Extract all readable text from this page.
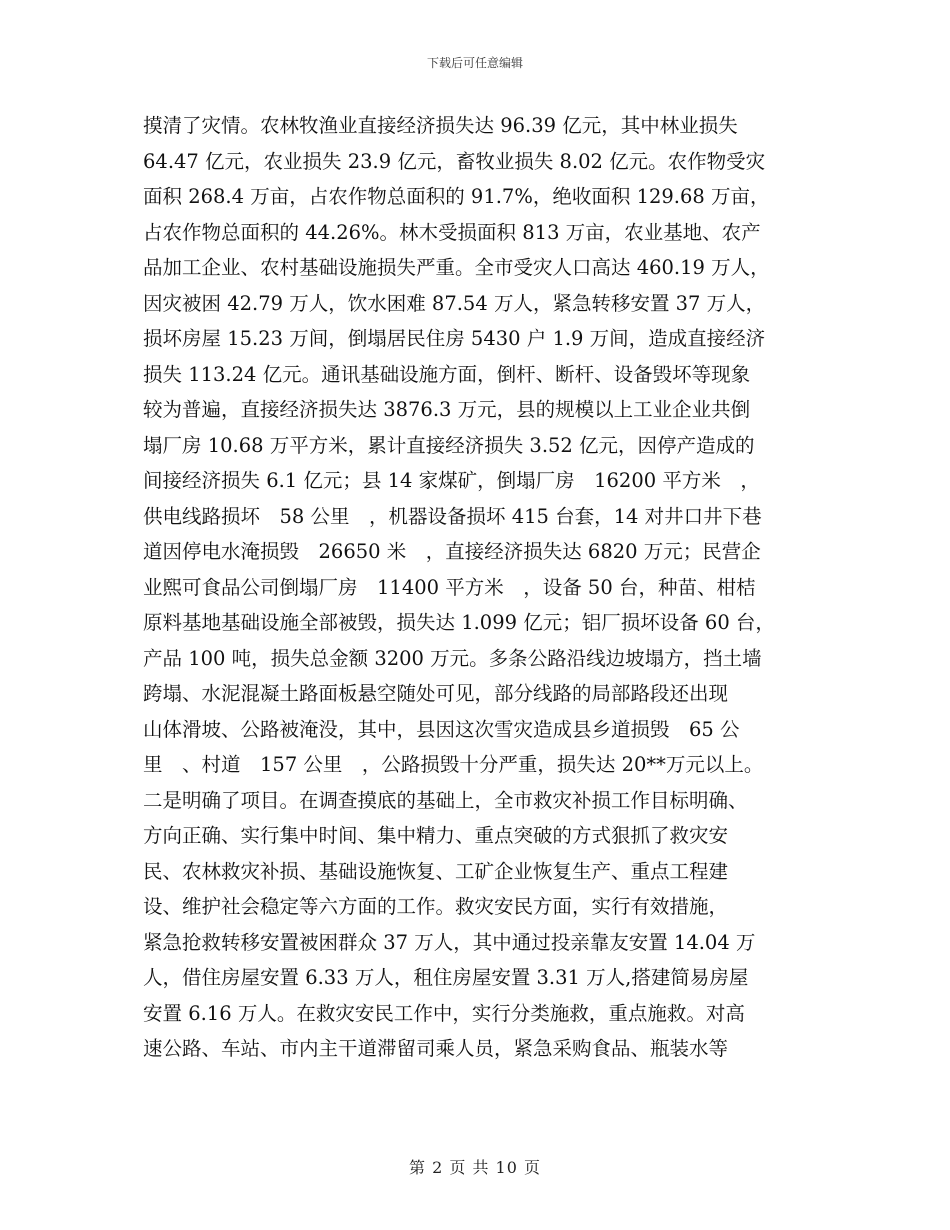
下载后可任意编辑
摸清了灾情。农林牧渔业直接经济损失达 96.39 亿元，其中林业损失
64.47 亿元，农业损失 23.9 亿元，畜牧业损失 8.02 亿元。农作物受灾
面积 268.4 万亩，占农作物总面积的 91.7%，绝收面积 129.68 万亩，
占农作物总面积的 44.26%。林木受损面积 813 万亩，农业基地、农产
品加工企业、农村基础设施损失严重。全市受灾人口高达 460.19 万人，
因灾被困 42.79 万人，饮水困难 87.54 万人，紧急转移安置 37 万人，
损坏房屋 15.23 万间，倒塌居民住房 5430 户 1.9 万间，造成直接经济
损失 113.24 亿元。通讯基础设施方面，倒杆、断杆、设备毁坏等现象
较为普遍，直接经济损失达 3876.3 万元，县的规模以上工业企业共倒
塌厂房 10.68 万平方米，累计直接经济损失 3.52 亿元，因停产造成的
间接经济损失 6.1 亿元；县 14 家煤矿，倒塌厂房　16200 平方米　，
供电线路损坏　58 公里　，机器设备损坏 415 台套，14 对井口井下巷
道因停电水淹损毁　26650 米　，直接经济损失达 6820 万元；民营企
业熙可食品公司倒塌厂房　11400 平方米　，设备 50 台，种苗、柑桔
原料基地基础设施全部被毁，损失达 1.099 亿元；铝厂损坏设备 60 台，
产品 100 吨，损失总金额 3200 万元。多条公路沿线边坡塌方，挡土墙
跨塌、水泥混凝土路面板悬空随处可见，部分线路的局部路段还出现
山体滑坡、公路被淹没，其中，县因这次雪灾造成县乡道损毁　65 公
里　、村道　157 公里　，公路损毁十分严重，损失达 20**万元以上。
二是明确了项目。在调查摸底的基础上，全市救灾补损工作目标明确、
方向正确、实行集中时间、集中精力、重点突破的方式狠抓了救灾安
民、农林救灾补损、基础设施恢复、工矿企业恢复生产、重点工程建
设、维护社会稳定等六方面的工作。救灾安民方面，实行有效措施，
紧急抢救转移安置被困群众 37 万人，其中通过投亲靠友安置 14.04 万
人，借住房屋安置 6.33 万人，租住房屋安置 3.31 万人,搭建简易房屋
安置 6.16 万人。在救灾安民工作中，实行分类施救，重点施救。对高
速公路、车站、市内主干道滞留司乘人员，紧急采购食品、瓶装水等
第 2 页 共 10 页
